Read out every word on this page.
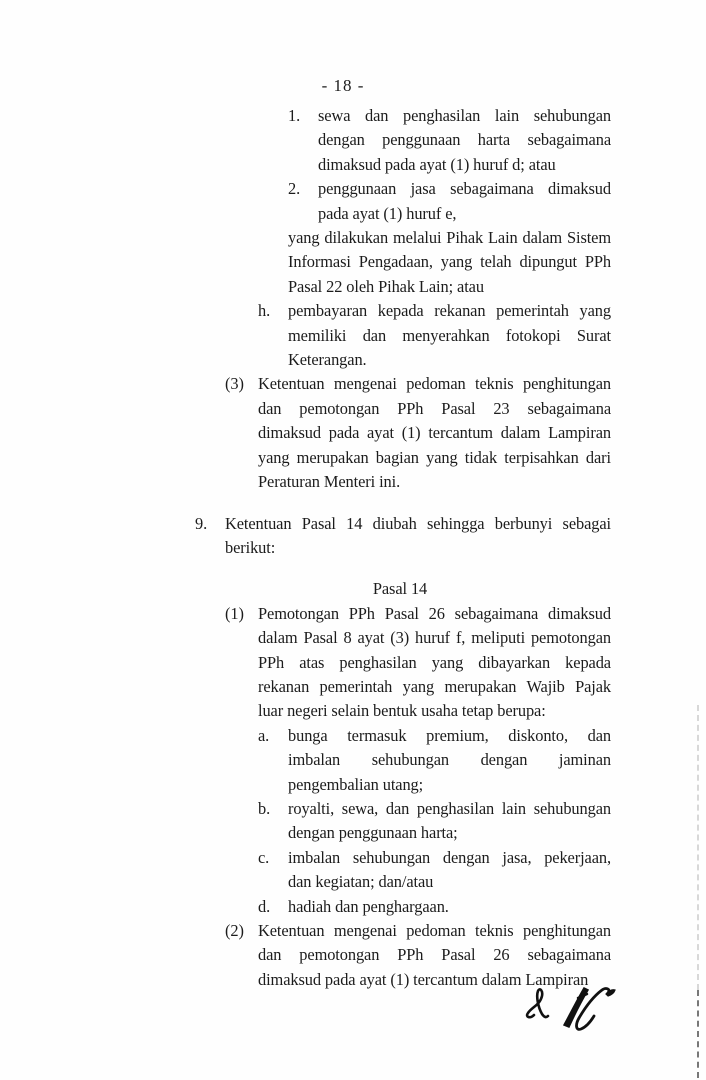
- 18 -
1.	sewa dan penghasilan lain sehubungan
dengan penggunaan harta sebagaimana
dimaksud pada ayat (1) huruf d; atau
2.	penggunaan jasa sebagaimana dimaksud
pada ayat (1) huruf e,
yang dilakukan melalui Pihak Lain dalam Sistem
Informasi Pengadaan, yang telah dipungut PPh
Pasal 22 oleh Pihak Lain; atau
h.	pembayaran kepada rekanan pemerintah yang
memiliki dan menyerahkan fotokopi Surat
Keterangan.
(3) Ketentuan mengenai pedoman teknis penghitungan
dan pemotongan PPh Pasal 23 sebagaimana
dimaksud pada ayat (1) tercantum dalam Lampiran
yang merupakan bagian yang tidak terpisahkan dari
Peraturan Menteri ini.
9.	Ketentuan Pasal 14 diubah sehingga berbunyi sebagai
berikut:
Pasal 14
(1) Pemotongan PPh Pasal 26 sebagaimana dimaksud
dalam Pasal 8 ayat (3) huruf f, meliputi pemotongan
PPh atas penghasilan yang dibayarkan kepada
rekanan pemerintah yang merupakan Wajib Pajak
luar negeri selain bentuk usaha tetap berupa:
a.	bunga termasuk premium, diskonto, dan
imbalan sehubungan dengan jaminan
pengembalian utang;
b.	royalti, sewa, dan penghasilan lain sehubungan
dengan penggunaan harta;
c.	imbalan sehubungan dengan jasa, pekerjaan,
dan kegiatan; dan/atau
d.	hadiah dan penghargaan.
(2) Ketentuan mengenai pedoman teknis penghitungan
dan pemotongan PPh Pasal 26 sebagaimana
dimaksud pada ayat (1) tercantum dalam Lampiran
